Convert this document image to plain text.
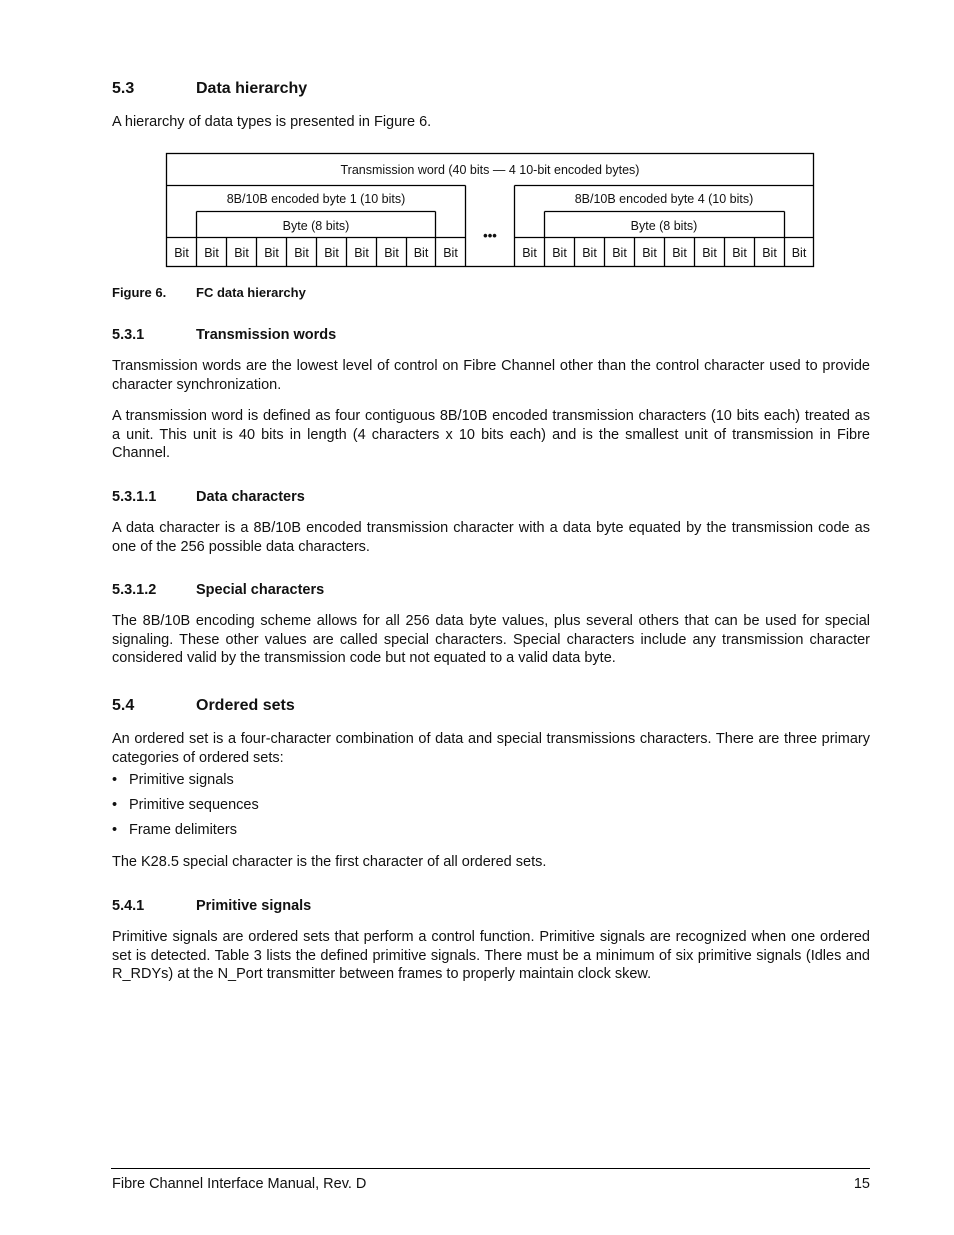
5.3	Data hierarchy
A hierarchy of data types is presented in Figure 6.
Transmission word (40 bits — 4 10-bit encoded bytes)
8B/10B encoded byte 1 (10 bits)	8B/10B encoded byte 4 (10 bits)
Byte (8 bits)	Byte (8 bits)
•••
Bit Bit Bit Bit Bit Bit Bit Bit Bit Bit	Bit Bit Bit Bit Bit Bit Bit Bit Bit Bit
Figure 6. FC data hierarchy
5.3.1	Transmission words
Transmission words are the lowest level of control on Fibre Channel other than the control character used to provide character synchronization.
A transmission word is defined as four contiguous 8B/10B encoded transmission characters (10 bits each) treated as a unit. This unit is 40 bits in length (4 characters x 10 bits each) and is the smallest unit of transmission in Fibre Channel.
5.3.1.1	Data characters
A data character is a 8B/10B encoded transmission character with a data byte equated by the transmission code as one of the 256 possible data characters.
5.3.1.2	Special characters
The 8B/10B encoding scheme allows for all 256 data byte values, plus several others that can be used for special signaling. These other values are called special characters. Special characters include any transmission character considered valid by the transmission code but not equated to a valid data byte.
5.4	Ordered sets
An ordered set is a four-character combination of data and special transmissions characters. There are three primary categories of ordered sets:
• Primitive signals
• Primitive sequences
• Frame delimiters
The K28.5 special character is the first character of all ordered sets.
5.4.1	Primitive signals
Primitive signals are ordered sets that perform a control function. Primitive signals are recognized when one ordered set is detected. Table 3 lists the defined primitive signals. There must be a minimum of six primitive signals (Idles and R_RDYs) at the N_Port transmitter between frames to properly maintain clock skew.
Fibre Channel Interface Manual, Rev. D	15
